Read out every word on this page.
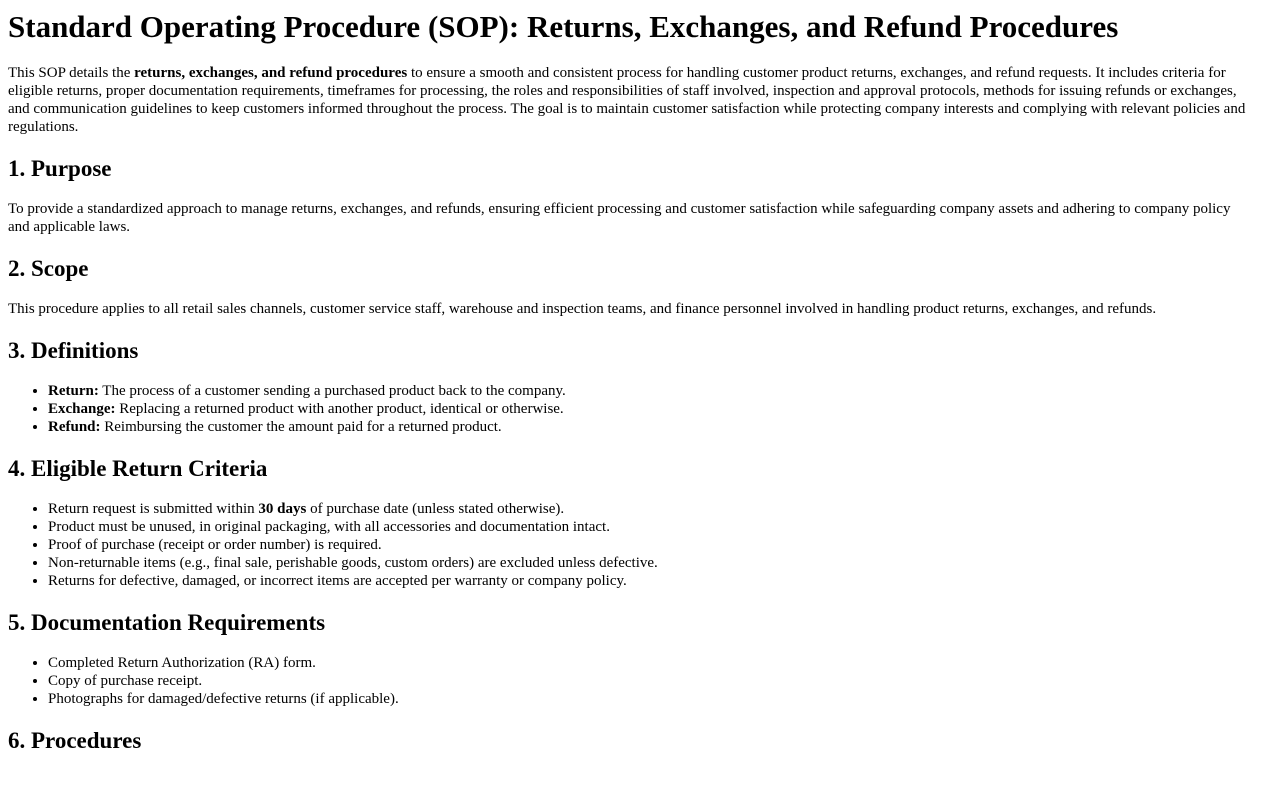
Standard Operating Procedure (SOP): Returns, Exchanges, and Refund Procedures

This SOP details the returns, exchanges, and refund procedures to ensure a smooth and consistent process for handling customer product returns, exchanges, and refund requests. It includes criteria for eligible returns, proper documentation requirements, timeframes for processing, the roles and responsibilities of staff involved, inspection and approval protocols, methods for issuing refunds or exchanges, and communication guidelines to keep customers informed throughout the process. The goal is to maintain customer satisfaction while protecting company interests and complying with relevant policies and regulations.

1. Purpose

To provide a standardized approach to manage returns, exchanges, and refunds, ensuring efficient processing and customer satisfaction while safeguarding company assets and adhering to company policy and applicable laws.

2. Scope

This procedure applies to all retail sales channels, customer service staff, warehouse and inspection teams, and finance personnel involved in handling product returns, exchanges, and refunds.

3. Definitions
• Return: The process of a customer sending a purchased product back to the company.
• Exchange: Replacing a returned product with another product, identical or otherwise.
• Refund: Reimbursing the customer the amount paid for a returned product.
4. Eligible Return Criteria
• Return request is submitted within 30 days of purchase date (unless stated otherwise).
• Product must be unused, in original packaging, with all accessories and documentation intact.
• Proof of purchase (receipt or order number) is required.
• Non-returnable items (e.g., final sale, perishable goods, custom orders) are excluded unless defective.
• Returns for defective, damaged, or incorrect items are accepted per warranty or company policy.
5. Documentation Requirements
• Completed Return Authorization (RA) form.
• Copy of purchase receipt.
• Photographs for damaged/defective returns (if applicable).
6. Procedures
